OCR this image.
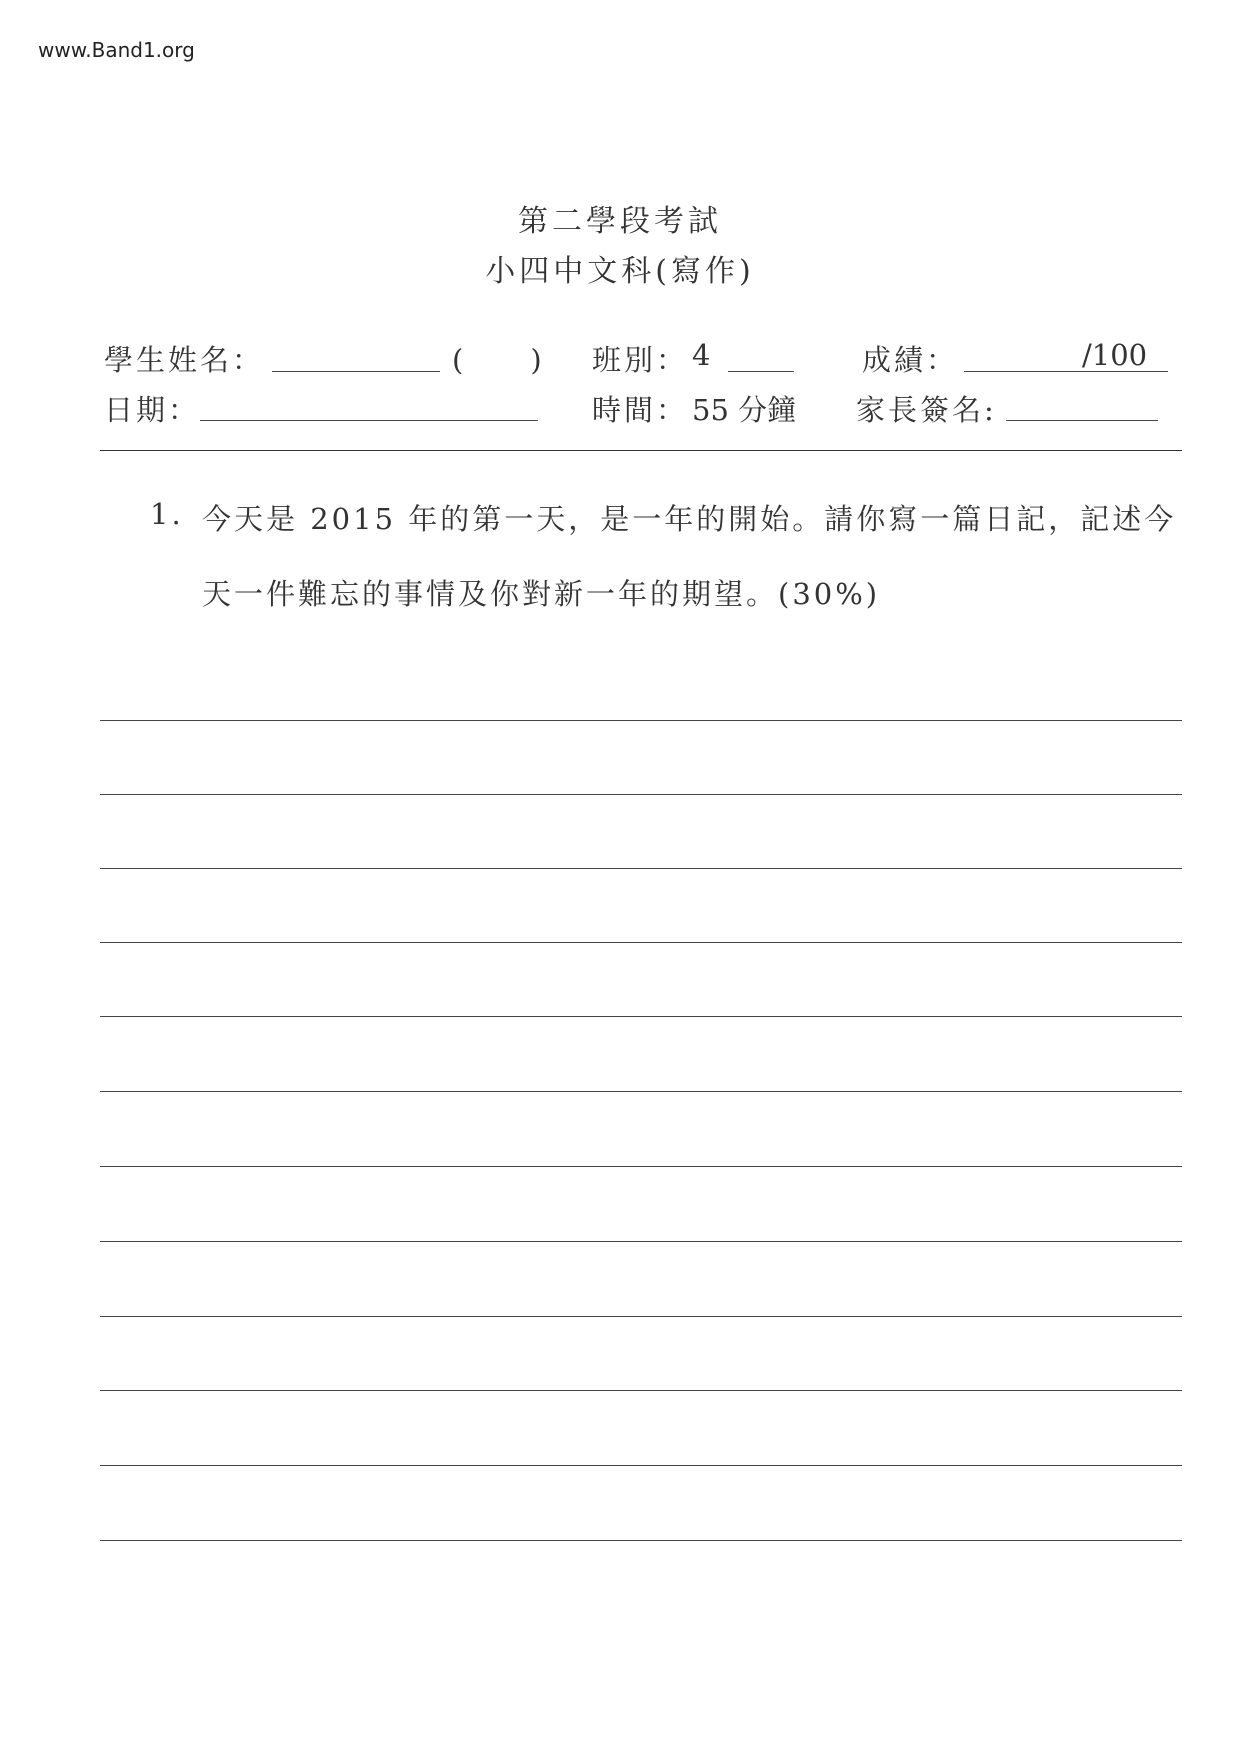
www.Band1.org
第二學段考試
小四中文科(寫作)
學生姓名：	(　　) 班別： 4	成績：	/100
日期：	時間： 55 分鐘 家長簽名:
1. 今天是 2015 年的第一天，是一年的開始。請你寫一篇日記，記述今
天一件難忘的事情及你對新一年的期望。(30%)
